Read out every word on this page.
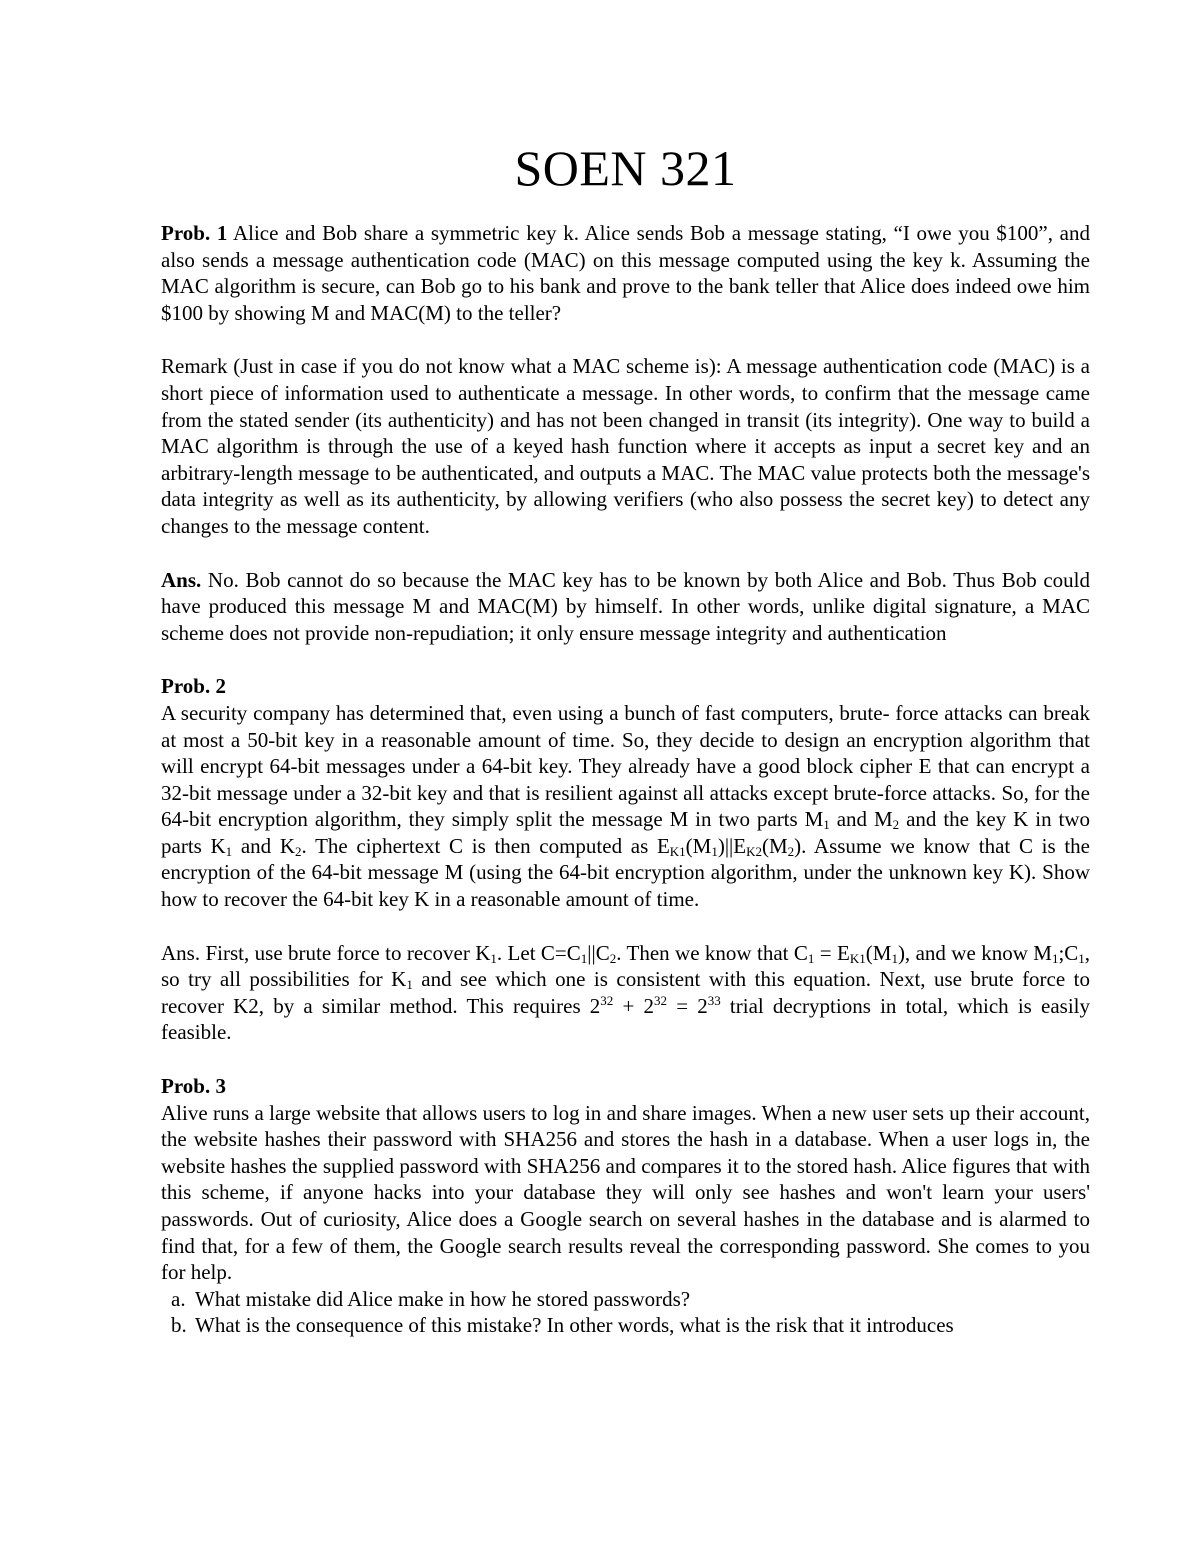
SOEN 321
Prob. 1 Alice and Bob share a symmetric key k. Alice sends Bob a message stating, “I owe you $100”, and also sends a message authentication code (MAC) on this message computed using the key k. Assuming the MAC algorithm is secure, can Bob go to his bank and prove to the bank teller that Alice does indeed owe him $100 by showing M and MAC(M) to the teller?
Remark (Just in case if you do not know what a MAC scheme is): A message authentication code (MAC) is a short piece of information used to authenticate a message. In other words, to confirm that the message came from the stated sender (its authenticity) and has not been changed in transit (its integrity). One way to build a MAC algorithm is through the use of a keyed hash function where it accepts as input a secret key and an arbitrary-length message to be authenticated, and outputs a MAC. The MAC value protects both the message's data integrity as well as its authenticity, by allowing verifiers (who also possess the secret key) to detect any changes to the message content.
Ans. No. Bob cannot do so because the MAC key has to be known by both Alice and Bob. Thus Bob could have produced this message M and MAC(M) by himself. In other words, unlike digital signature, a MAC scheme does not provide non-repudiation; it only ensure message integrity and authentication
Prob. 2
A security company has determined that, even using a bunch of fast computers, brute- force attacks can break at most a 50-bit key in a reasonable amount of time. So, they decide to design an encryption algorithm that will encrypt 64-bit messages under a 64-bit key. They already have a good block cipher E that can encrypt a 32-bit message under a 32-bit key and that is resilient against all attacks except brute-force attacks. So, for the 64-bit encryption algorithm, they simply split the message M in two parts $M_1$ and $M_2$ and the key K in two parts $K_1$ and $K_2$. The ciphertext C is then computed as $E_{K1}(M_1)||E_{K2}(M_2)$. Assume we know that C is the encryption of the 64-bit message M (using the 64-bit encryption algorithm, under the unknown key K). Show how to recover the 64-bit key K in a reasonable amount of time.
Ans. First, use brute force to recover $K_1$. Let $C=C_1||C_2$. Then we know that $C_1 = E_{K1}(M_1)$, and we know $M_1;C_1$, so try all possibilities for $K_1$ and see which one is consistent with this equation. Next, use brute force to recover K2, by a similar method. This requires $2^{32} + 2^{32} = 2^{33}$ trial decryptions in total, which is easily feasible.
Prob. 3
Alive runs a large website that allows users to log in and share images. When a new user sets up their account, the website hashes their password with SHA256 and stores the hash in a database. When a user logs in, the website hashes the supplied password with SHA256 and compares it to the stored hash. Alice figures that with this scheme, if anyone hacks into your database they will only see hashes and won't learn your users' passwords. Out of curiosity, Alice does a Google search on several hashes in the database and is alarmed to find that, for a few of them, the Google search results reveal the corresponding password. She comes to you for help.
a. What mistake did Alice make in how he stored passwords?
b. What is the consequence of this mistake? In other words, what is the risk that it introduces
